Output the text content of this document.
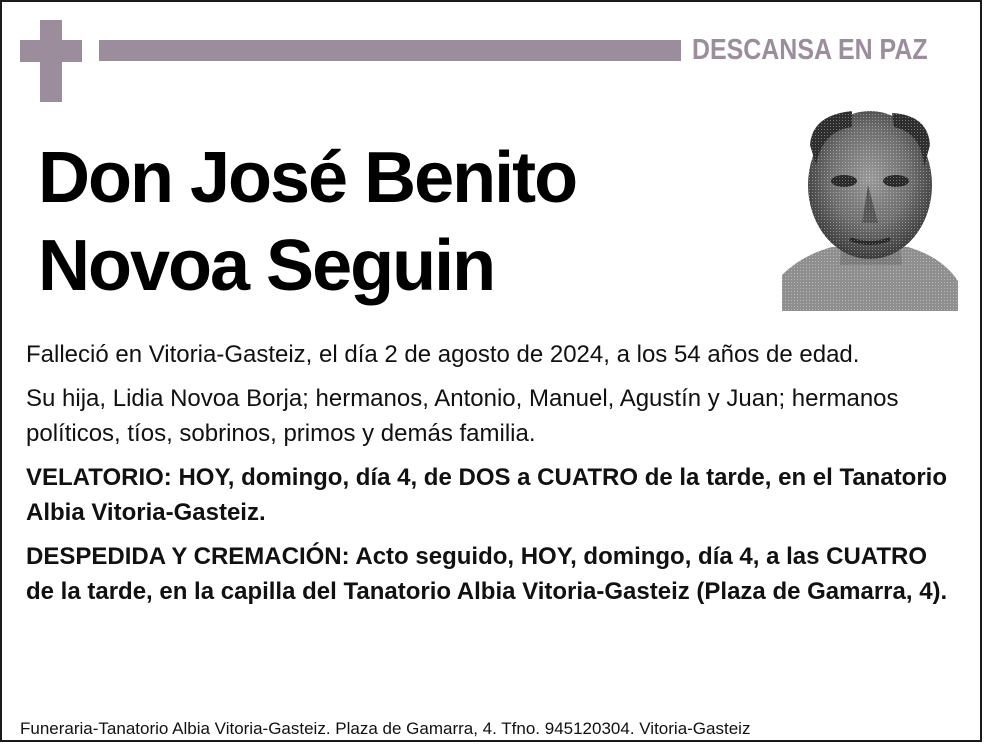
DESCANSA EN PAZ
Don José Benito
Novoa Seguin

Falleció en Vitoria-Gasteiz, el día 2 de agosto de 2024, a los 54 años de edad.

Su hija, Lidia Novoa Borja; hermanos, Antonio, Manuel, Agustín y Juan; hermanos políticos, tíos, sobrinos, primos y demás familia.

VELATORIO: HOY, domingo, día 4, de DOS a CUATRO de la tarde, en el Tanatorio Albia Vitoria-Gasteiz.

DESPEDIDA Y CREMACIÓN: Acto seguido, HOY, domingo, día 4, a las CUATRO de la tarde, en la capilla del Tanatorio Albia Vitoria-Gasteiz (Plaza de Gamarra, 4).

Funeraria-Tanatorio Albia Vitoria-Gasteiz. Plaza de Gamarra, 4. Tfno. 945120304. Vitoria-Gasteiz
